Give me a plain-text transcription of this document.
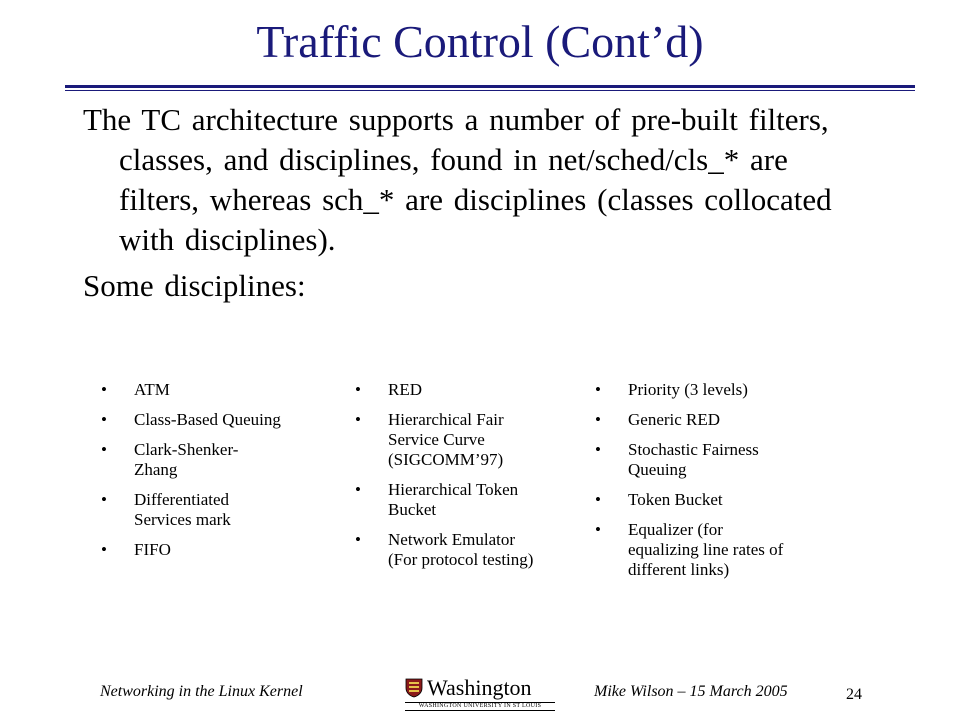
Traffic Control (Cont’d)

The TC architecture supports a number of pre-built filters, classes, and disciplines, found in net/sched/cls_* are filters, whereas sch_* are disciplines (classes collocated with disciplines).

Some disciplines:

• ATM
• Class-Based Queuing
• Clark-Shenker-Zhang
• Differentiated Services mark
• FIFO
• RED
• Hierarchical Fair Service Curve (SIGCOMM’97)
• Hierarchical Token Bucket
• Network Emulator (For protocol testing)
• Priority (3 levels)
• Generic RED
• Stochastic Fairness Queuing
• Token Bucket
• Equalizer (for equalizing line rates of different links)
Networking in the Linux Kernel	Washington
WASHINGTON UNIVERSITY IN ST LOUIS
Mike Wilson – 15 March 2005	24
